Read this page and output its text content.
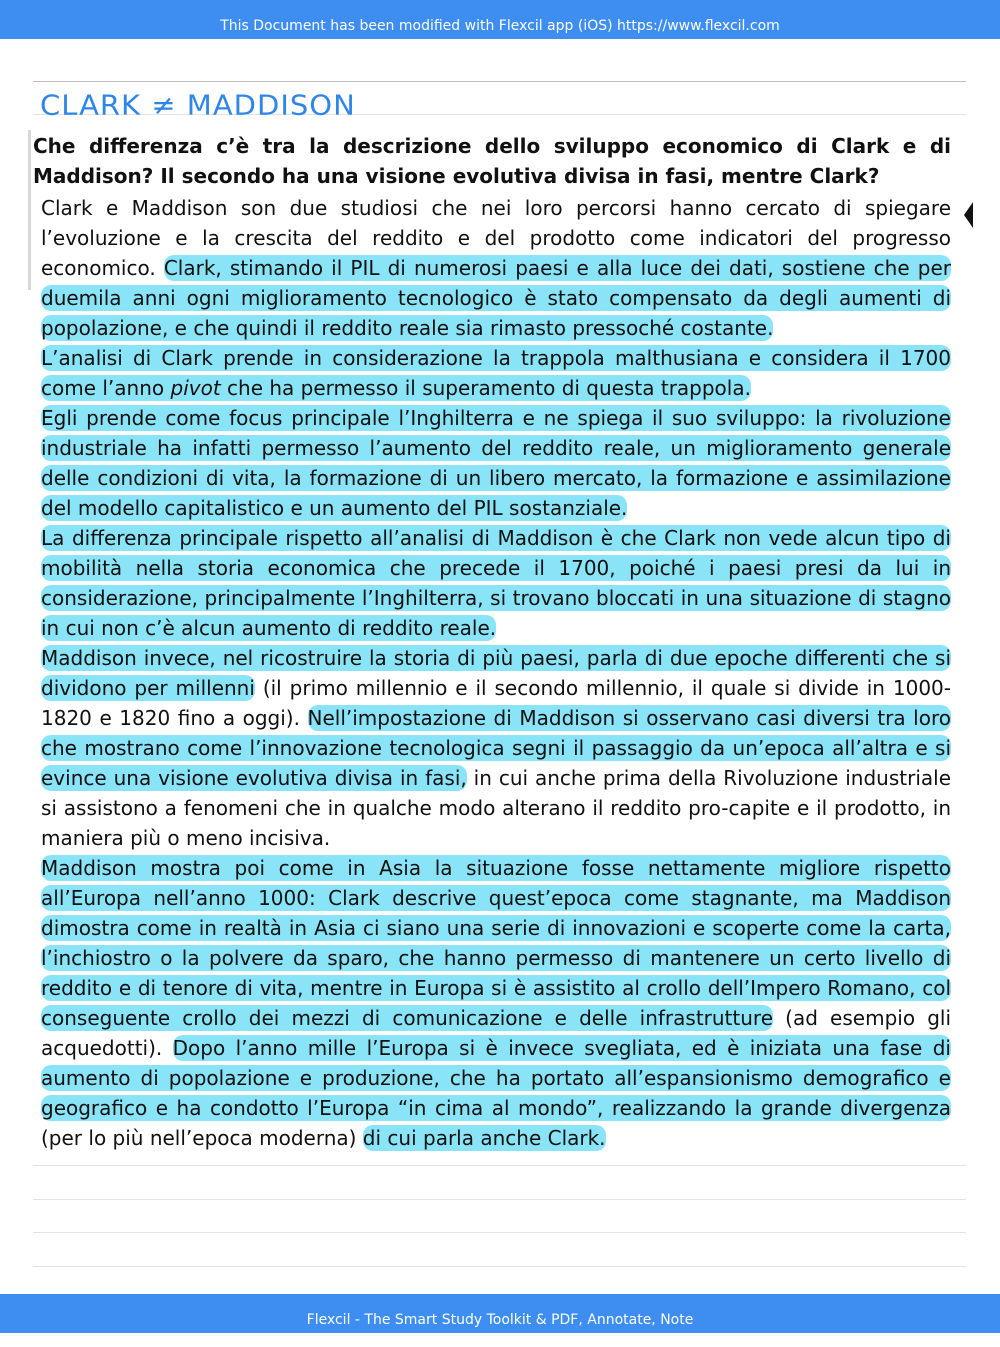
This Document has been modified with Flexcil app (iOS) https://www.flexcil.com
CLARK ≠ MADDISON
Che differenza c’è tra la descrizione dello sviluppo economico di Clark e di Maddison? Il secondo ha una visione evolutiva divisa in fasi, mentre Clark?

Clark e Maddison son due studiosi che nei loro percorsi hanno cercato di spiegare l’evoluzione e la crescita del reddito e del prodotto come indicatori del progresso economico. Clark, stimando il PIL di numerosi paesi e alla luce dei dati, sostiene che per duemila anni ogni miglioramento tecnologico è stato compensato da degli aumenti di popolazione, e che quindi il reddito reale sia rimasto pressoché costante.

L’analisi di Clark prende in considerazione la trappola malthusiana e considera il 1700 come l’anno pivot che ha permesso il superamento di questa trappola.

Egli prende come focus principale l’Inghilterra e ne spiega il suo sviluppo: la rivoluzione industriale ha infatti permesso l’aumento del reddito reale, un miglioramento generale delle condizioni di vita, la formazione di un libero mercato, la formazione e assimilazione del modello capitalistico e un aumento del PIL sostanziale.

La differenza principale rispetto all’analisi di Maddison è che Clark non vede alcun tipo di mobilità nella storia economica che precede il 1700, poiché i paesi presi da lui in considerazione, principalmente l’Inghilterra, si trovano bloccati in una situazione di stagno in cui non c’è alcun aumento di reddito reale.

Maddison invece, nel ricostruire la storia di più paesi, parla di due epoche differenti che si dividono per millenni (il primo millennio e il secondo millennio, il quale si divide in 1000-1820 e 1820 fino a oggi). Nell’impostazione di Maddison si osservano casi diversi tra loro che mostrano come l’innovazione tecnologica segni il passaggio da un’epoca all’altra e si evince una visione evolutiva divisa in fasi, in cui anche prima della Rivoluzione industriale si assistono a fenomeni che in qualche modo alterano il reddito pro-capite e il prodotto, in maniera più o meno incisiva.

Maddison mostra poi come in Asia la situazione fosse nettamente migliore rispetto all’Europa nell’anno 1000: Clark descrive quest’epoca come stagnante, ma Maddison dimostra come in realtà in Asia ci siano una serie di innovazioni e scoperte come la carta, l’inchiostro o la polvere da sparo, che hanno permesso di mantenere un certo livello di reddito e di tenore di vita, mentre in Europa si è assistito al crollo dell’Impero Romano, col conseguente crollo dei mezzi di comunicazione e delle infrastrutture (ad esempio gli acquedotti). Dopo l’anno mille l’Europa si è invece svegliata, ed è iniziata una fase di aumento di popolazione e produzione, che ha portato all’espansionismo demografico e geografico e ha condotto l’Europa “in cima al mondo”, realizzando la grande divergenza (per lo più nell’epoca moderna) di cui parla anche Clark.

Flexcil - The Smart Study Toolkit & PDF, Annotate, Note
